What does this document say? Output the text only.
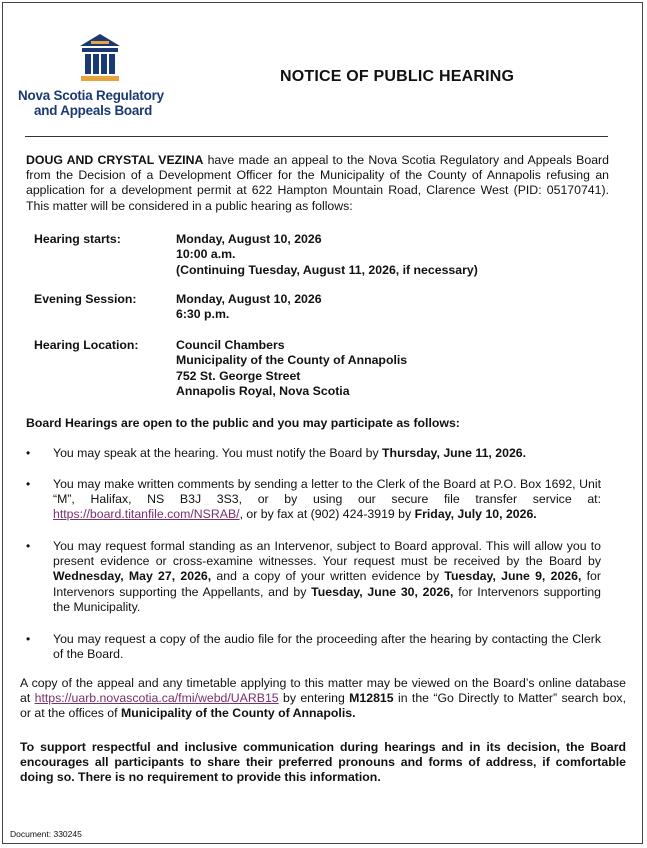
Nova Scotia Regulatory
and Appeals Board
NOTICE OF PUBLIC HEARING
DOUG AND CRYSTAL VEZINA have made an appeal to the Nova Scotia Regulatory and Appeals Board from the Decision of a Development Officer for the Municipality of the County of Annapolis refusing an application for a development permit at 622 Hampton Mountain Road, Clarence West (PID: 05170741). This matter will be considered in a public hearing as follows:
Hearing starts:	Monday, August 10, 2026
10:00 a.m.
(Continuing Tuesday, August 11, 2026, if necessary)
Evening Session:	Monday, August 10, 2026
6:30 p.m.
Hearing Location:	Council Chambers
Municipality of the County of Annapolis
752 St. George Street
Annapolis Royal, Nova Scotia
Board Hearings are open to the public and you may participate as follows:
• You may speak at the hearing. You must notify the Board by Thursday, June 11, 2026.
• You may make written comments by sending a letter to the Clerk of the Board at P.O. Box 1692, Unit “M”, Halifax, NS B3J 3S3, or by using our secure file transfer service at: https://board.titanfile.com/NSRAB/, or by fax at (902) 424-3919 by Friday, July 10, 2026.
• You may request formal standing as an Intervenor, subject to Board approval. This will allow you to present evidence or cross-examine witnesses. Your request must be received by the Board by Wednesday, May 27, 2026, and a copy of your written evidence by Tuesday, June 9, 2026, for Intervenors supporting the Appellants, and by Tuesday, June 30, 2026, for Intervenors supporting the Municipality.
• You may request a copy of the audio file for the proceeding after the hearing by contacting the Clerk of the Board.
A copy of the appeal and any timetable applying to this matter may be viewed on the Board’s online database at https://uarb.novascotia.ca/fmi/webd/UARB15 by entering M12815 in the “Go Directly to Matter” search box, or at the offices of Municipality of the County of Annapolis.
To support respectful and inclusive communication during hearings and in its decision, the Board encourages all participants to share their preferred pronouns and forms of address, if comfortable doing so. There is no requirement to provide this information.
Document: 330245
